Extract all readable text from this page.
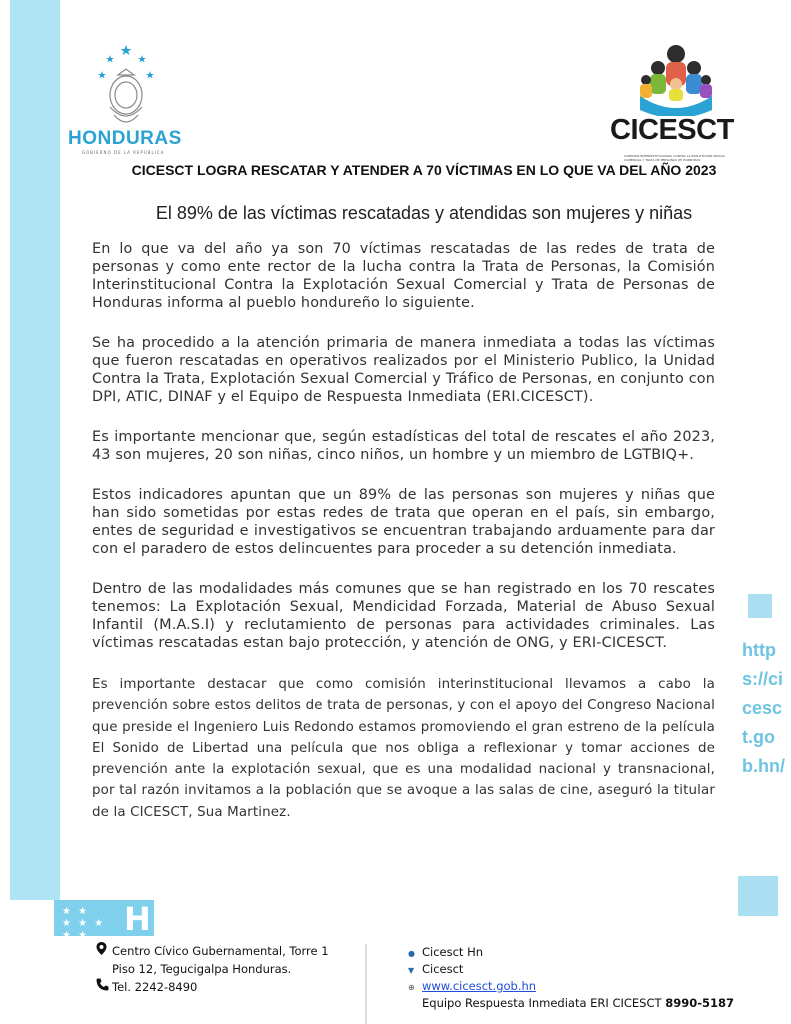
★ ★
★ ★ ★
★ ★	H
https://cicesct.gob.hn/
HONDURAS
GOBIERNO DE LA REPÚBLICA
CICESCT
COMISIÓN INTERINSTITUCIONAL CONTRA LA EXPLOTACIÓN SEXUAL COMERCIAL Y TRATA DE PERSONAS DE HONDURAS
CICESCT LOGRA RESCATAR Y ATENDER A 70 VÍCTIMAS EN LO QUE VA DEL AÑO 2023
El 89% de las víctimas rescatadas y atendidas son mujeres y niñas

En lo que va del año ya son 70 víctimas rescatadas de las redes de trata de personas y como ente rector de la lucha contra la Trata de Personas, la Comisión Interinstitucional Contra la Explotación Sexual Comercial y Trata de Personas de Honduras informa al pueblo hondureño lo siguiente.

Se ha procedido a la atención primaria de manera inmediata a todas las víctimas que fueron rescatadas en operativos realizados por el Ministerio Publico, la Unidad Contra la Trata, Explotación Sexual Comercial y Tráfico de Personas, en conjunto con DPI, ATIC, DINAF y el Equipo de Respuesta Inmediata (ERI.CICESCT).

Es importante mencionar que, según estadísticas del total de rescates el año 2023, 43 son mujeres, 20 son niñas, cinco niños, un hombre y un miembro de LGTBIQ+.

Estos indicadores apuntan que un 89% de las personas son mujeres y niñas que han sido sometidas por estas redes de trata que operan en el país, sin embargo, entes de seguridad e investigativos se encuentran trabajando arduamente para dar con el paradero de estos delincuentes para proceder a su detención inmediata.

Dentro de las modalidades más comunes que se han registrado en los 70 rescates tenemos: La Explotación Sexual, Mendicidad Forzada, Material de Abuso Sexual Infantil (M.A.S.I) y reclutamiento de personas para actividades criminales. Las víctimas rescatadas estan bajo protección, y atención de ONG, y ERI-CICESCT.

Es importante destacar que como comisión interinstitucional llevamos a cabo la prevención sobre estos delitos de trata de personas, y con el apoyo del Congreso Nacional que preside el Ingeniero Luis Redondo estamos promoviendo el gran estreno de la película El Sonido de Libertad una película que nos obliga a reflexionar y tomar acciones de prevención ante la explotación sexual, que es una modalidad nacional y transnacional, por tal razón invitamos a la población que se avoque a las salas de cine, aseguró la titular de la CICESCT, Sua Martinez.

Centro Cívico Gubernamental, Torre 1
Piso 12, Tegucigalpa Honduras.
Tel. 2242-8490
● Cicesct Hn
▼ Cicesct
⊕ www.cicesct.gob.hn
Equipo Respuesta Inmediata ERI CICESCT 8990-5187
